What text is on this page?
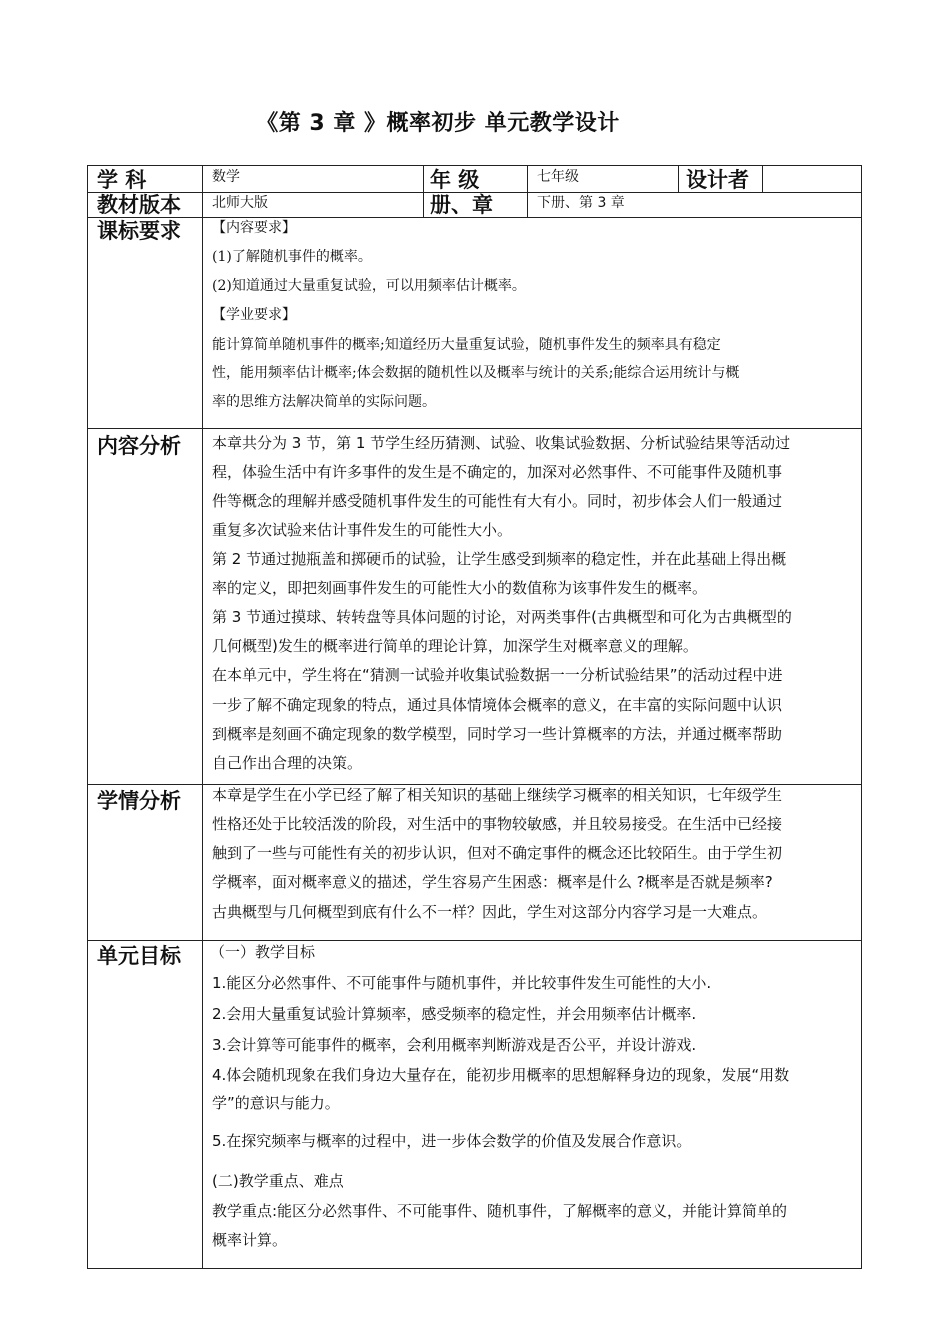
《第 3 章 》概率初步 单元教学设计
学 科	数学	年 级	七年级	设计者
教材版本 北师大版	册、章	下册、第 3 章
课标要求 【内容要求】
(1)了解随机事件的概率。
(2)知道通过大量重复试验，可以用频率估计概率。
【学业要求】
能计算简单随机事件的概率;知道经历大量重复试验，随机事件发生的频率具有稳定
性，能用频率估计概率;体会数据的随机性以及概率与统计的关系;能综合运用统计与概
率的思维方法解决简单的实际问题。
内容分析 本章共分为 3 节，第 1 节学生经历猜测、试验、收集试验数据、分析试验结果等活动过
程，体验生活中有许多事件的发生是不确定的，加深对必然事件、不可能事件及随机事
件等概念的理解并感受随机事件发生的可能性有大有小。同时，初步体会人们一般通过
重复多次试验来估计事件发生的可能性大小。
第 2 节通过抛瓶盖和掷硬币的试验，让学生感受到频率的稳定性，并在此基础上得出概
率的定义，即把刻画事件发生的可能性大小的数值称为该事件发生的概率。
第 3 节通过摸球、转转盘等具体问题的讨论，对两类事件(古典概型和可化为古典概型的
几何概型)发生的概率进行简单的理论计算，加深学生对概率意义的理解。
在本单元中，学生将在“猜测一试验并收集试验数据一一分析试验结果”的活动过程中进
一步了解不确定现象的特点，通过具体情境体会概率的意义，在丰富的实际问题中认识
到概率是刻画不确定现象的数学模型，同时学习一些计算概率的方法，并通过概率帮助
自己作出合理的决策。
学情分析 本章是学生在小学已经了解了相关知识的基础上继续学习概率的相关知识，七年级学生
性格还处于比较活泼的阶段，对生活中的事物较敏感，并且较易接受。在生活中已经接
触到了一些与可能性有关的初步认识，但对不确定事件的概念还比较陌生。由于学生初
学概率，面对概率意义的描述，学生容易产生困惑：概率是什么 ?概率是否就是频率?
古典概型与几何概型到底有什么不一样？因此，学生对这部分内容学习是一大难点。
单元目标 （一）教学目标
1.能区分必然事件、不可能事件与随机事件，并比较事件发生可能性的大小.
2.会用大量重复试验计算频率，感受频率的稳定性，并会用频率估计概率.
3.会计算等可能事件的概率，会利用概率判断游戏是否公平，并设计游戏.
4.体会随机现象在我们身边大量存在，能初步用概率的思想解释身边的现象，发展“用数
学”的意识与能力。
5.在探究频率与概率的过程中，进一步体会数学的价值及发展合作意识。
(二)教学重点、难点
教学重点:能区分必然事件、不可能事件、随机事件，了解概率的意义，并能计算简单的
概率计算。
